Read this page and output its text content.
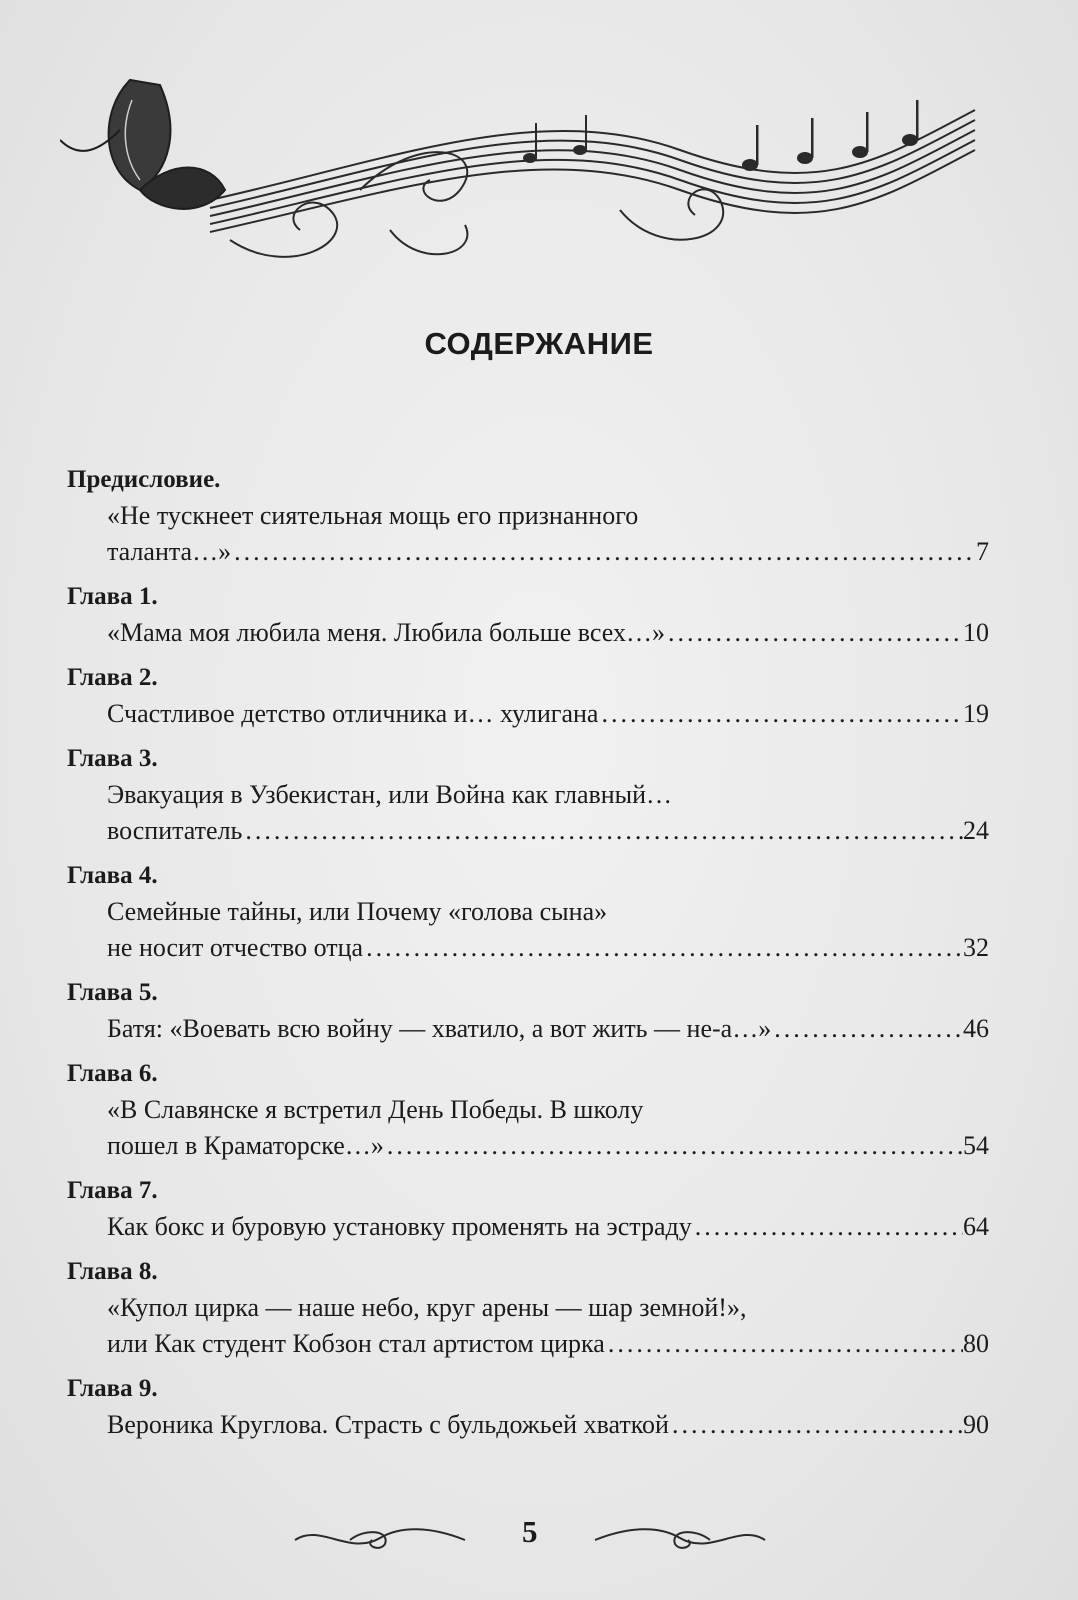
СОДЕРЖАНИЕ
Предисловие.
«Не тускнеет сиятельная мощь его признанного
таланта…» .....	7
Глава 1.
«Мама моя любила меня. Любила больше всех…» .....	10
Глава 2.
Счастливое детство отличника и… хулигана .....	19
Глава 3.
Эвакуация в Узбекистан, или Война как главный…
воспитатель .....	24
Глава 4.
Семейные тайны, или Почему «голова сына»
не носит отчество отца .....	32
Глава 5.
Батя: «Воевать всю войну — хватило, а вот жить — не-а…» .....	46
Глава 6.
«В Славянске я встретил День Победы. В школу
пошел в Краматорске…» .....	54
Глава 7.
Как бокс и буровую установку променять на эстраду .....	64
Глава 8.
«Купол цирка — наше небо, круг арены — шар земной!»,
или Как студент Кобзон стал артистом цирка .....	80
Глава 9.
Вероника Круглова. Страсть с бульдожьей хваткой .....	90
5
